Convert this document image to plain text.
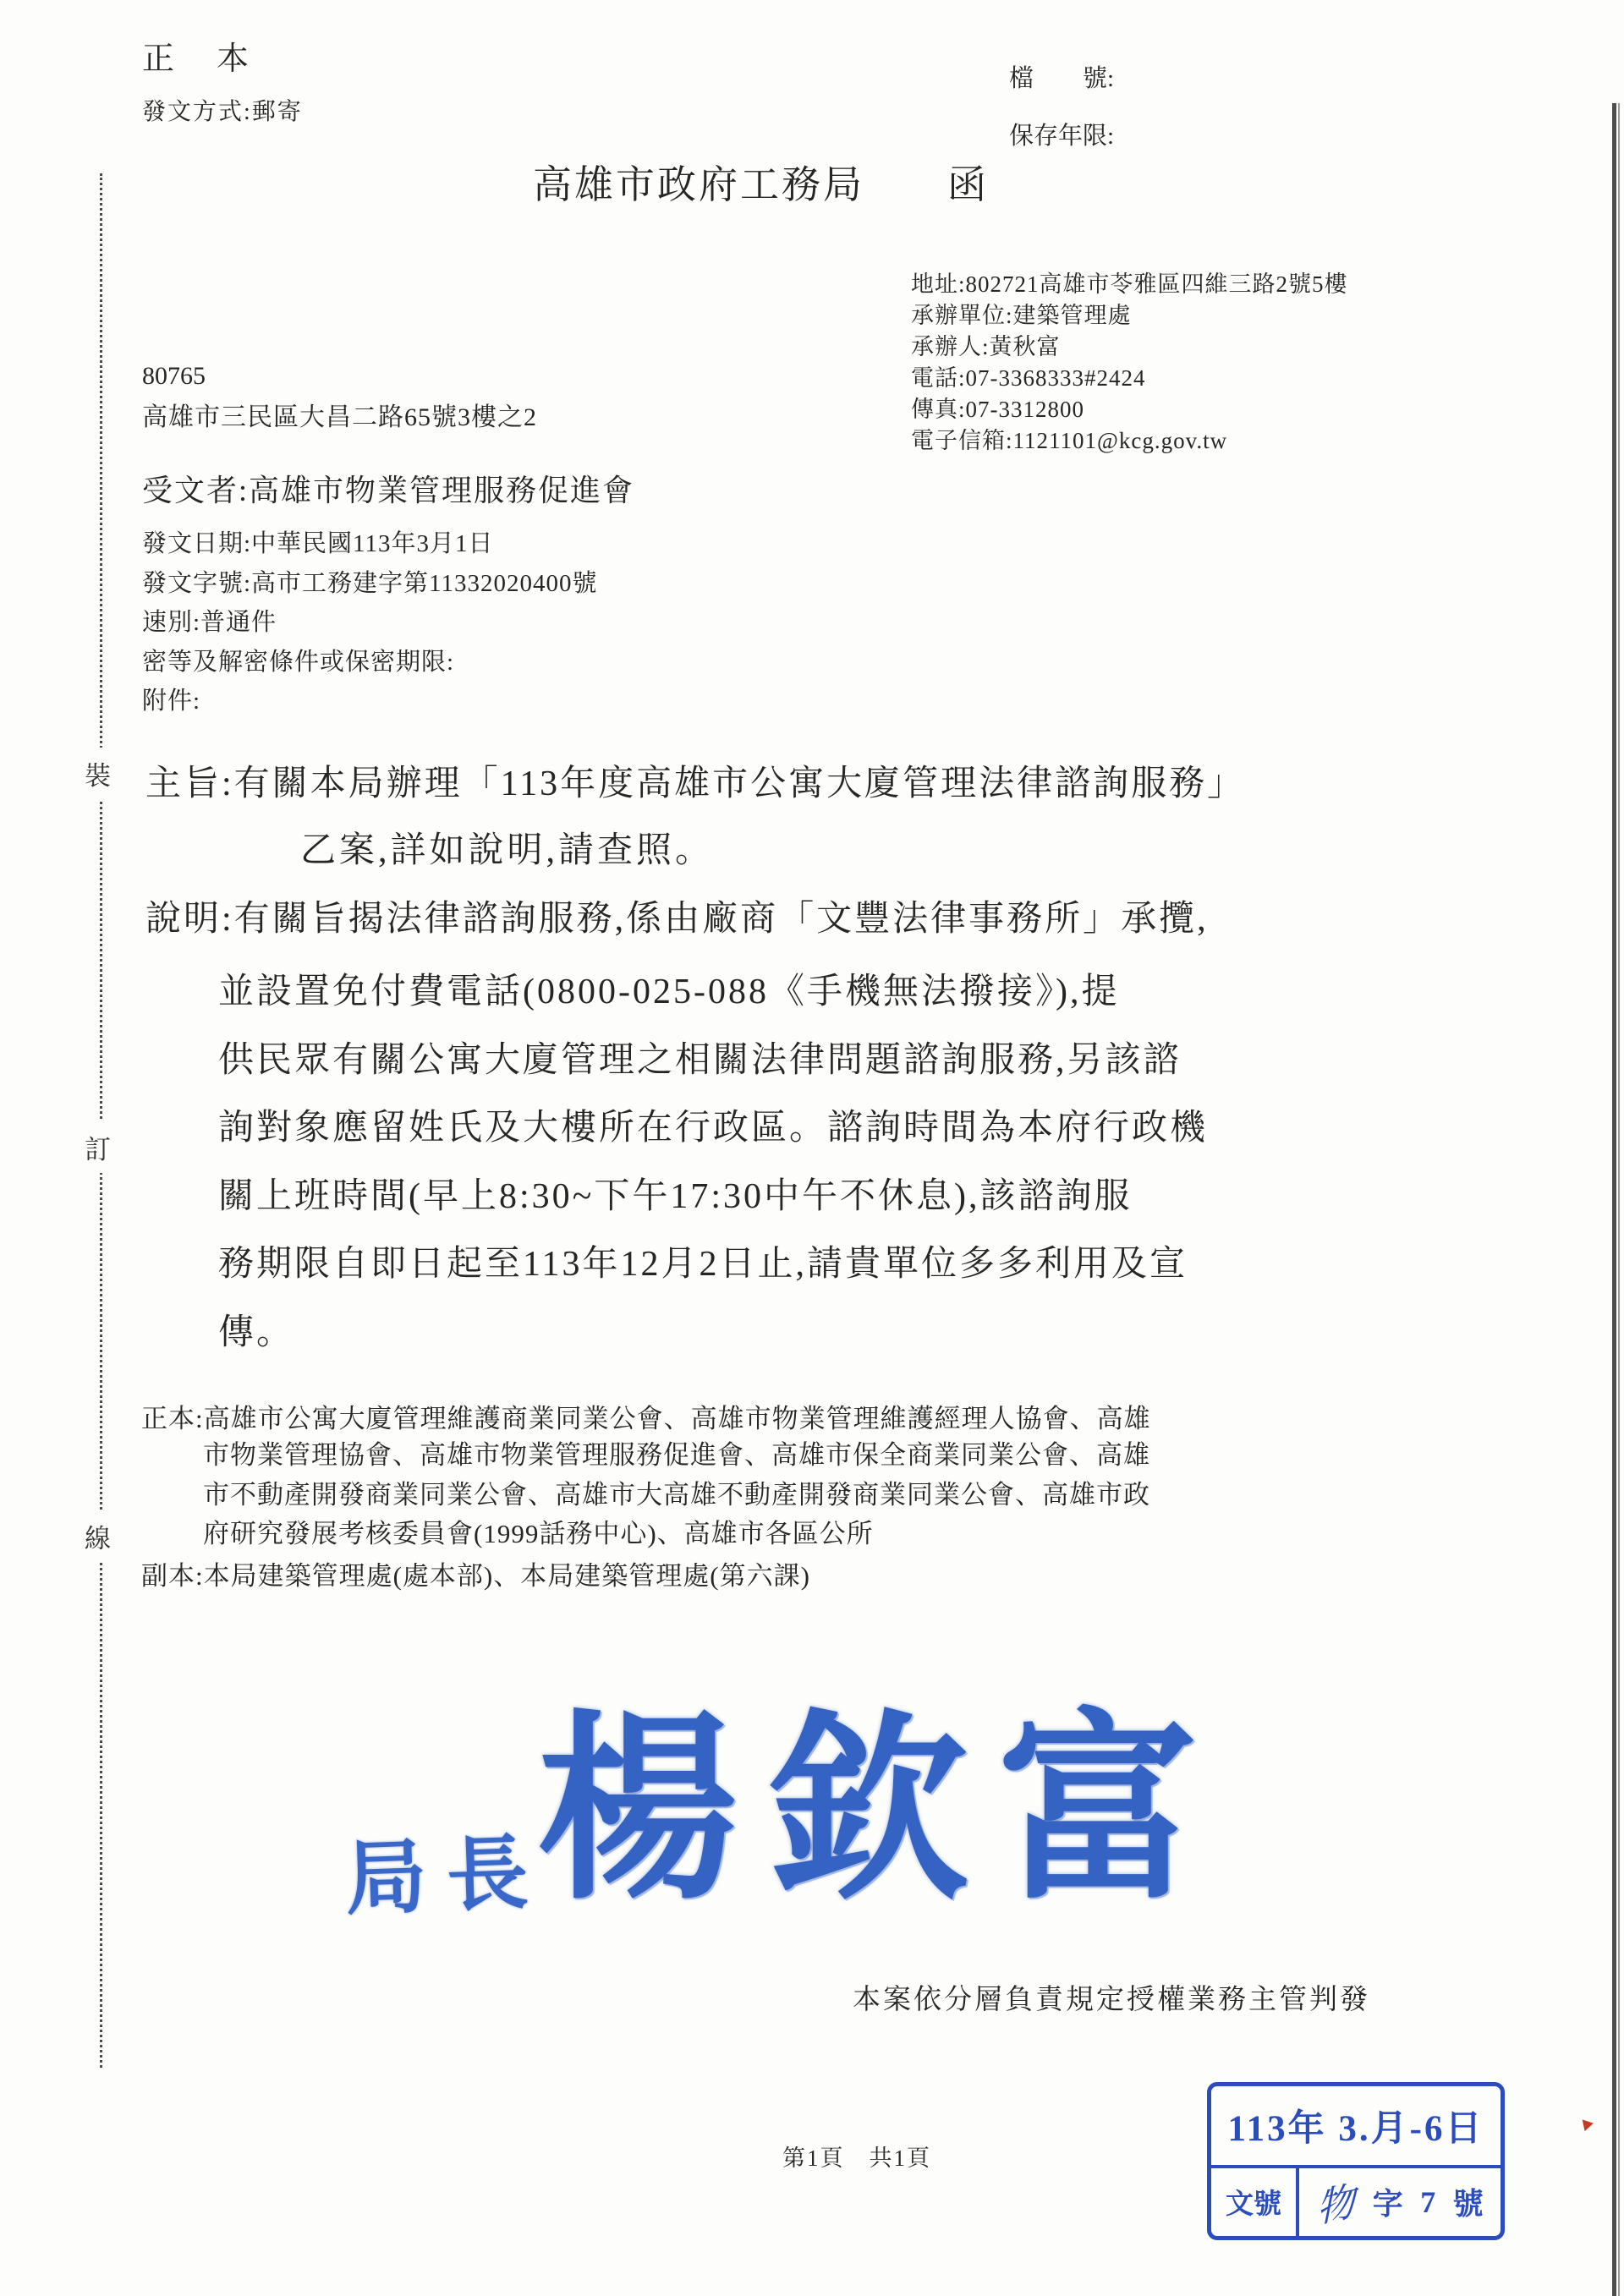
裝
訂
線
正　本
發文方式:郵寄
檔　　號:
保存年限:
高雄市政府工務局　　函
地址:802721高雄市苓雅區四維三路2號5樓
承辦單位:建築管理處
承辦人:黃秋富
電話:07-3368333#2424
傳真:07-3312800
電子信箱:1121101@kcg.gov.tw
80765
高雄市三民區大昌二路65號3樓之2
受文者:高雄市物業管理服務促進會
發文日期:中華民國113年3月1日
發文字號:高市工務建字第11332020400號
速別:普通件
密等及解密條件或保密期限:
附件:
主旨:有關本局辦理「113年度高雄市公寓大廈管理法律諮詢服務」
乙案,詳如說明,請查照。
說明:有關旨揭法律諮詢服務,係由廠商「文豐法律事務所」承攬,
並設置免付費電話(0800-025-088《手機無法撥接》),提
供民眾有關公寓大廈管理之相關法律問題諮詢服務,另該諮
詢對象應留姓氏及大樓所在行政區。諮詢時間為本府行政機
關上班時間(早上8:30~下午17:30中午不休息),該諮詢服
務期限自即日起至113年12月2日止,請貴單位多多利用及宣
傳。
正本:高雄市公寓大廈管理維護商業同業公會、高雄市物業管理維護經理人協會、高雄
市物業管理協會、高雄市物業管理服務促進會、高雄市保全商業同業公會、高雄
市不動產開發商業同業公會、高雄市大高雄不動產開發商業同業公會、高雄市政
府研究發展考核委員會(1999話務中心)、高雄市各區公所
副本:本局建築管理處(處本部)、本局建築管理處(第六課)
局長
楊欽富
本案依分層負責規定授權業務主管判發
第1頁　共1頁
113年 3.月-6日
文號 物 字 7 號
